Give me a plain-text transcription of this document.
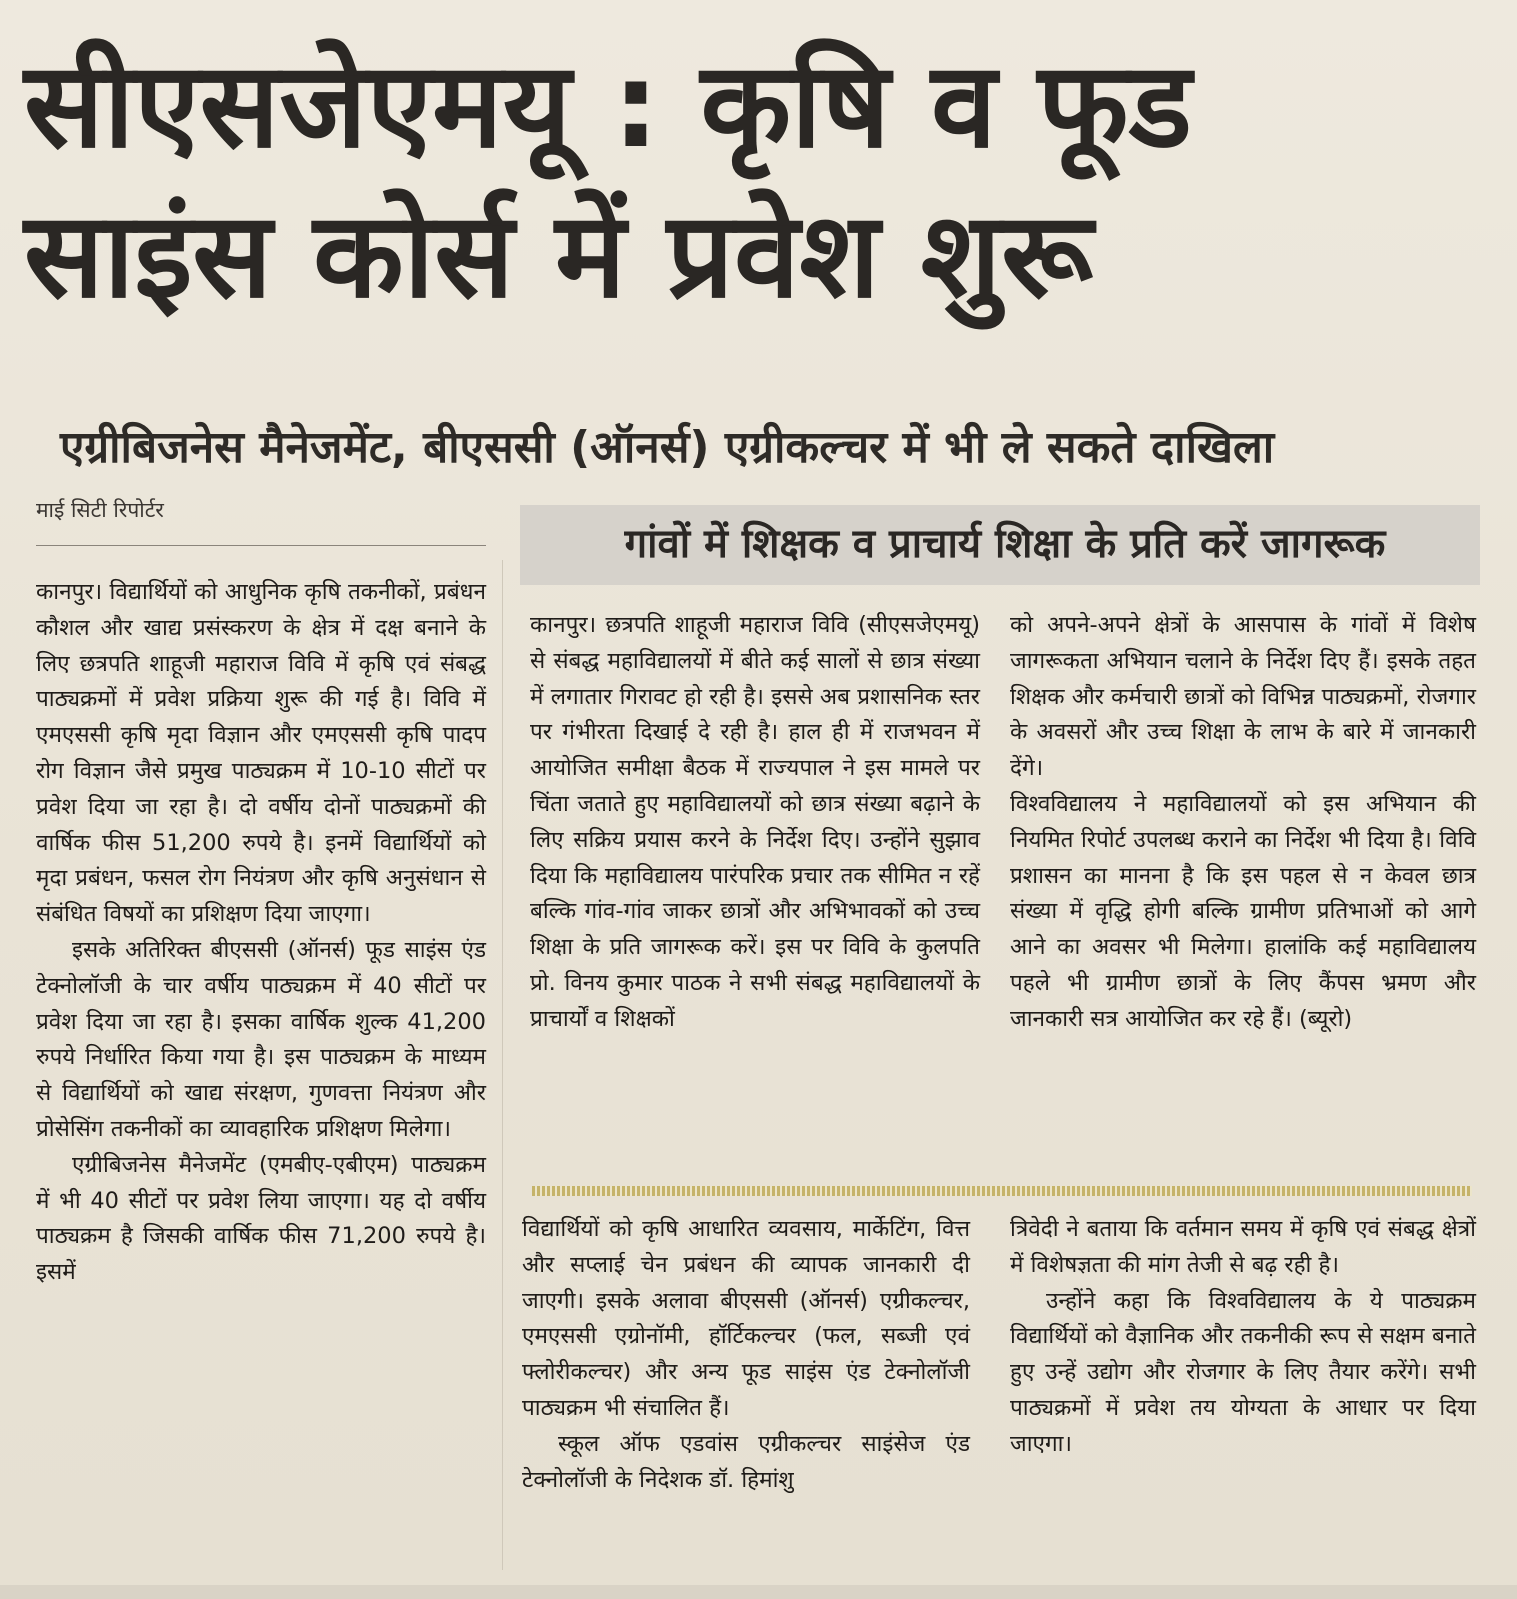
सीएसजेएमयू : कृषि व फूड
साइंस कोर्स में प्रवेश शुरू
एग्रीबिजनेस मैनेजमेंट, बीएससी (ऑनर्स) एग्रीकल्चर में भी ले सकते दाखिला
माई सिटी रिपोर्टर

कानपुर। विद्यार्थियों को आधुनिक कृषि तकनीकों, प्रबंधन कौशल और खाद्य प्रसंस्करण के क्षेत्र में दक्ष बनाने के लिए छत्रपति शाहूजी महाराज विवि में कृषि एवं संबद्ध पाठ्यक्रमों में प्रवेश प्रक्रिया शुरू की गई है। विवि में एमएससी कृषि मृदा विज्ञान और एमएससी कृषि पादप रोग विज्ञान जैसे प्रमुख पाठ्यक्रम में 10-10 सीटों पर प्रवेश दिया जा रहा है। दो वर्षीय दोनों पाठ्यक्रमों की वार्षिक फीस 51,200 रुपये है। इनमें विद्यार्थियों को मृदा प्रबंधन, फसल रोग नियंत्रण और कृषि अनुसंधान से संबंधित विषयों का प्रशिक्षण दिया जाएगा।

इसके अतिरिक्त बीएससी (ऑनर्स) फूड साइंस एंड टेक्नोलॉजी के चार वर्षीय पाठ्यक्रम में 40 सीटों पर प्रवेश दिया जा रहा है। इसका वार्षिक शुल्क 41,200 रुपये निर्धारित किया गया है। इस पाठ्यक्रम के माध्यम से विद्यार्थियों को खाद्य संरक्षण, गुणवत्ता नियंत्रण और प्रोसेसिंग तकनीकों का व्यावहारिक प्रशिक्षण मिलेगा।

एग्रीबिजनेस मैनेजमेंट (एमबीए-एबीएम) पाठ्यक्रम में भी 40 सीटों पर प्रवेश लिया जाएगा। यह दो वर्षीय पाठ्यक्रम है जिसकी वार्षिक फीस 71,200 रुपये है। इसमें

गांवों में शिक्षक व प्राचार्य शिक्षा के प्रति करें जागरूक

कानपुर। छत्रपति शाहूजी महाराज विवि (सीएसजेएमयू) से संबद्ध महाविद्यालयों में बीते कई सालों से छात्र संख्या में लगातार गिरावट हो रही है। इससे अब प्रशासनिक स्तर पर गंभीरता दिखाई दे रही है। हाल ही में राजभवन में आयोजित समीक्षा बैठक में राज्यपाल ने इस मामले पर चिंता जताते हुए महाविद्यालयों को छात्र संख्या बढ़ाने के लिए सक्रिय प्रयास करने के निर्देश दिए। उन्होंने सुझाव दिया कि महाविद्यालय पारंपरिक प्रचार तक सीमित न रहें बल्कि गांव-गांव जाकर छात्रों और अभिभावकों को उच्च शिक्षा के प्रति जागरूक करें। इस पर विवि के कुलपति प्रो. विनय कुमार पाठक ने सभी संबद्ध महाविद्यालयों के प्राचार्यों व शिक्षकों

को अपने-अपने क्षेत्रों के आसपास के गांवों में विशेष जागरूकता अभियान चलाने के निर्देश दिए हैं। इसके तहत शिक्षक और कर्मचारी छात्रों को विभिन्न पाठ्यक्रमों, रोजगार के अवसरों और उच्च शिक्षा के लाभ के बारे में जानकारी देंगे।

विश्वविद्यालय ने महाविद्यालयों को इस अभियान की नियमित रिपोर्ट उपलब्ध कराने का निर्देश भी दिया है। विवि प्रशासन का मानना है कि इस पहल से न केवल छात्र संख्या में वृद्धि होगी बल्कि ग्रामीण प्रतिभाओं को आगे आने का अवसर भी मिलेगा। हालांकि कई महाविद्यालय पहले भी ग्रामीण छात्रों के लिए कैंपस भ्रमण और जानकारी सत्र आयोजित कर रहे हैं। (ब्यूरो)

विद्यार्थियों को कृषि आधारित व्यवसाय, मार्केटिंग, वित्त और सप्लाई चेन प्रबंधन की व्यापक जानकारी दी जाएगी। इसके अलावा बीएससी (ऑनर्स) एग्रीकल्चर, एमएससी एग्रोनॉमी, हॉर्टिकल्चर (फल, सब्जी एवं फ्लोरीकल्चर) और अन्य फूड साइंस एंड टेक्नोलॉजी पाठ्यक्रम भी संचालित हैं।

स्कूल ऑफ एडवांस एग्रीकल्चर साइंसेज एंड टेक्नोलॉजी के निदेशक डॉ. हिमांशु

त्रिवेदी ने बताया कि वर्तमान समय में कृषि एवं संबद्ध क्षेत्रों में विशेषज्ञता की मांग तेजी से बढ़ रही है।

उन्होंने कहा कि विश्वविद्यालय के ये पाठ्यक्रम विद्यार्थियों को वैज्ञानिक और तकनीकी रूप से सक्षम बनाते हुए उन्हें उद्योग और रोजगार के लिए तैयार करेंगे। सभी पाठ्यक्रमों में प्रवेश तय योग्यता के आधार पर दिया जाएगा।
